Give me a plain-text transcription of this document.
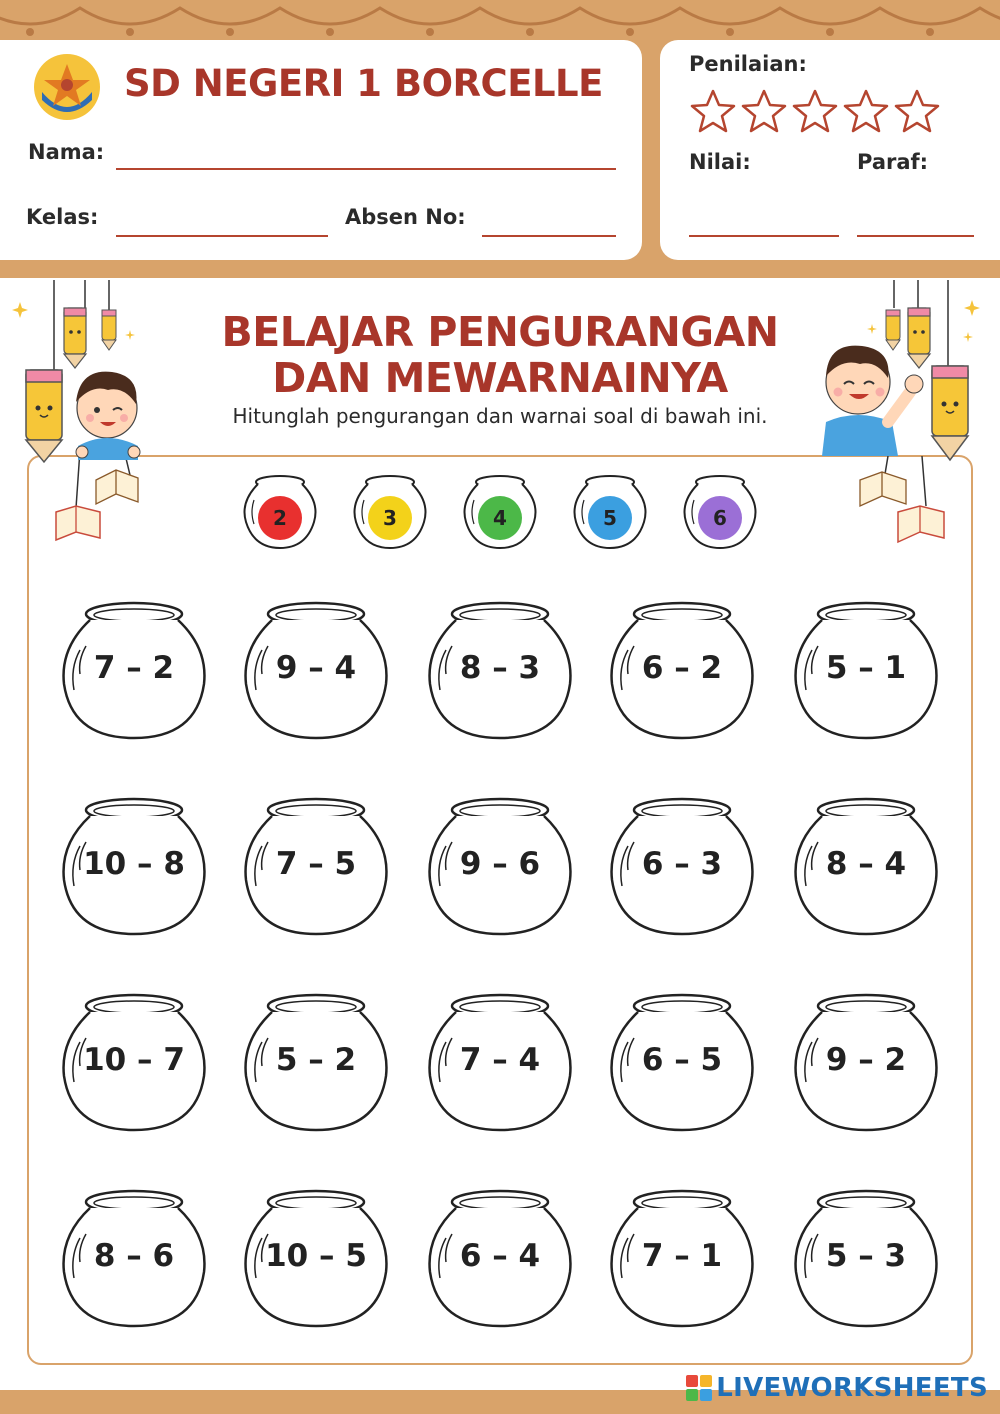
SD NEGERI 1 BORCELLE
Nama:
Kelas:	Absen No:
Penilaian:
Nilai:	Paraf:
BELAJAR PENGURANGAN
DAN MEWARNAINYA
Hitunglah pengurangan dan warnai soal di bawah ini.
2	3	4	5	6
7 – 2	9 – 4	8 – 3	6 – 2	5 – 1
10 – 8	7 – 5	9 – 6	6 – 3	8 – 4
10 – 7	5 – 2	7 – 4	6 – 5	9 – 2
8 – 6	10 – 5	6 – 4	7 – 1	5 – 3
LIVEWORKSHEETS
